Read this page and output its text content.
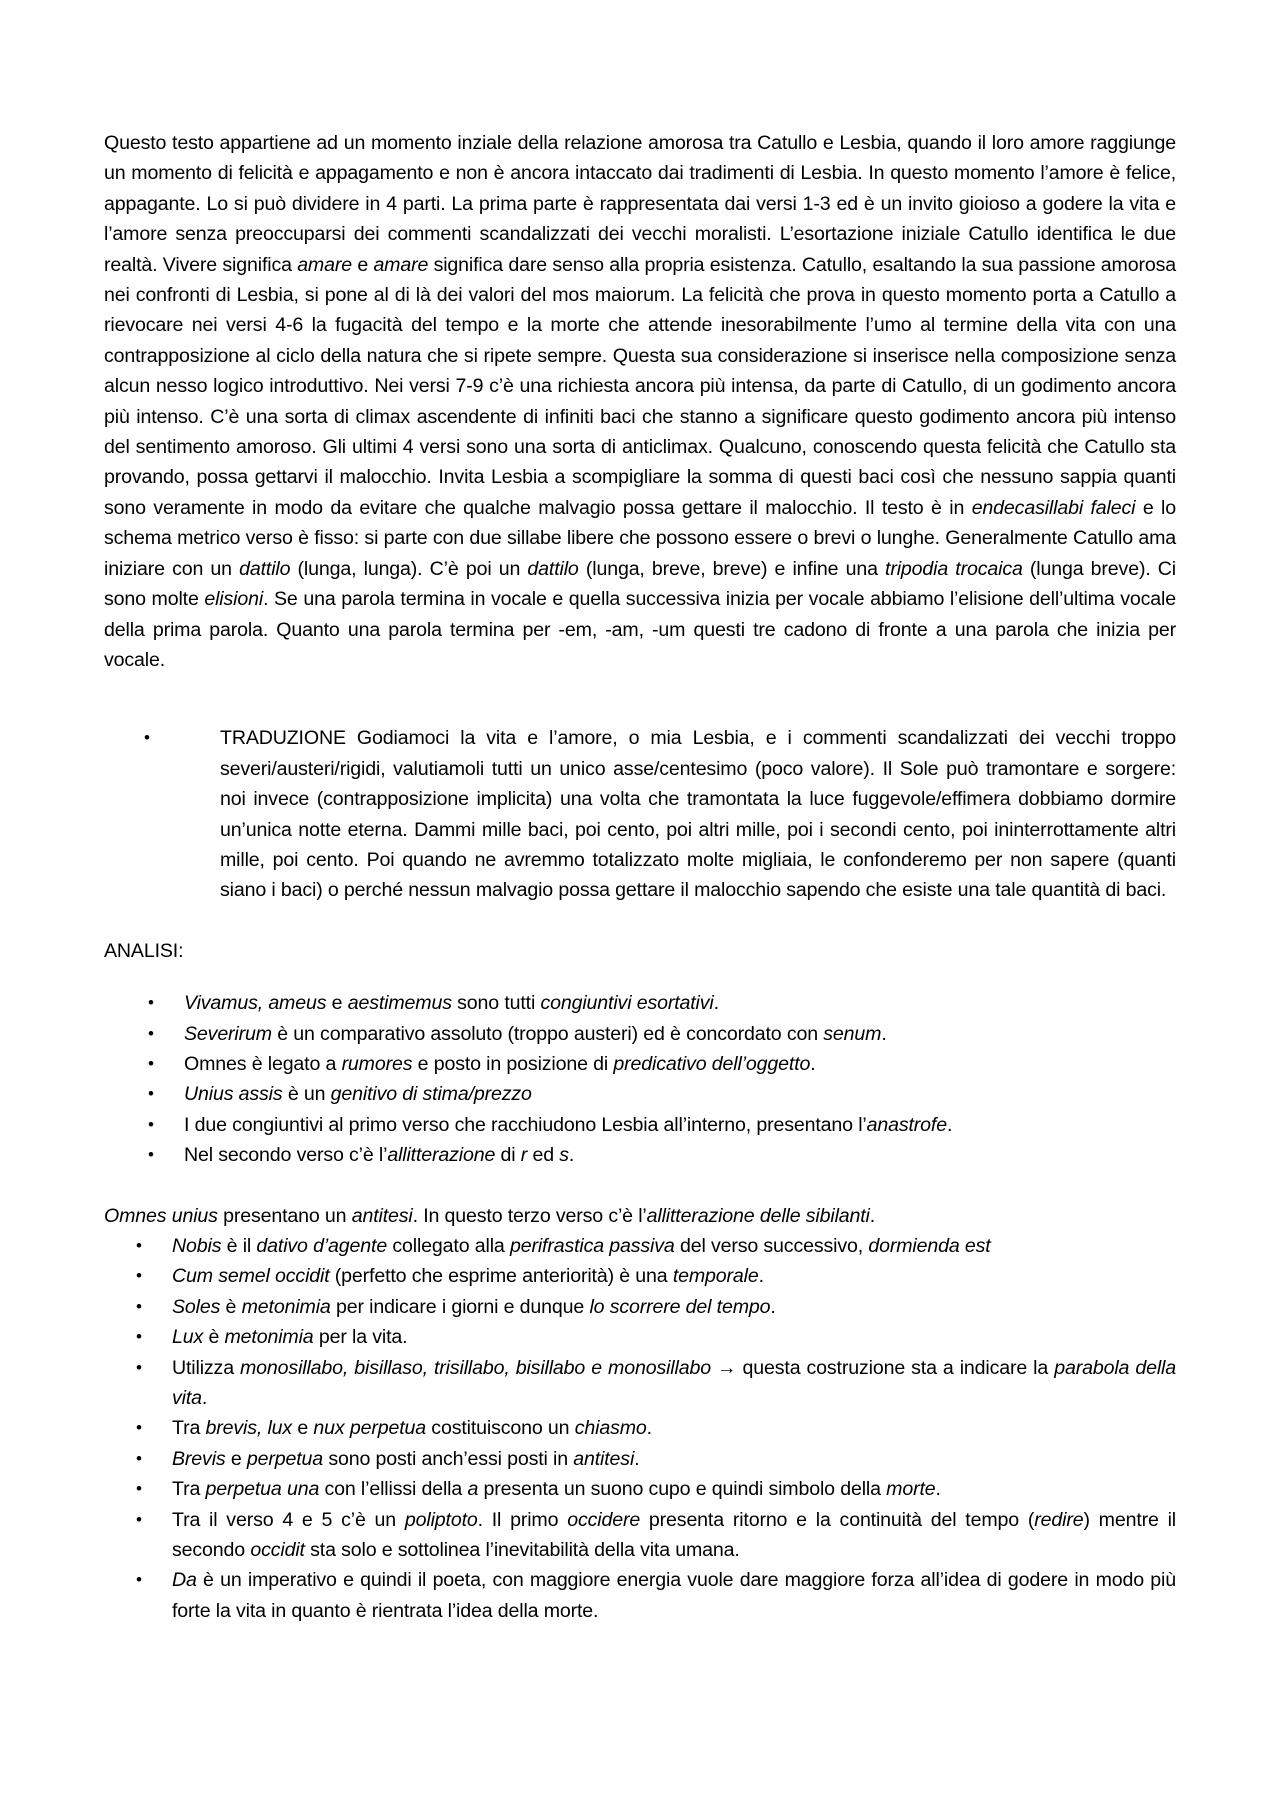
Questo testo appartiene ad un momento inziale della relazione amorosa tra Catullo e Lesbia, quando il loro amore raggiunge un momento di felicità e appagamento e non è ancora intaccato dai tradimenti di Lesbia. In questo momento l’amore è felice, appagante. Lo si può dividere in 4 parti. La prima parte è rappresentata dai versi 1-3 ed è un invito gioioso a godere la vita e l’amore senza preoccuparsi dei commenti scandalizzati dei vecchi moralisti. L’esortazione iniziale Catullo identifica le due realtà. Vivere significa amare e amare significa dare senso alla propria esistenza. Catullo, esaltando la sua passione amorosa nei confronti di Lesbia, si pone al di là dei valori del mos maiorum. La felicità che prova in questo momento porta a Catullo a rievocare nei versi 4-6 la fugacità del tempo e la morte che attende inesorabilmente l’umo al termine della vita con una contrapposizione al ciclo della natura che si ripete sempre. Questa sua considerazione si inserisce nella composizione senza alcun nesso logico introduttivo. Nei versi 7-9 c’è una richiesta ancora più intensa, da parte di Catullo, di un godimento ancora più intenso. C’è una sorta di climax ascendente di infiniti baci che stanno a significare questo godimento ancora più intenso del sentimento amoroso. Gli ultimi 4 versi sono una sorta di anticlimax. Qualcuno, conoscendo questa felicità che Catullo sta provando, possa gettarvi il malocchio. Invita Lesbia a scompigliare la somma di questi baci così che nessuno sappia quanti sono veramente in modo da evitare che qualche malvagio possa gettare il malocchio. Il testo è in endecasillabi faleci e lo schema metrico verso è fisso: si parte con due sillabe libere che possono essere o brevi o lunghe. Generalmente Catullo ama iniziare con un dattilo (lunga, lunga). C’è poi un dattilo (lunga, breve, breve) e infine una tripodia trocaica (lunga breve). Ci sono molte elisioni. Se una parola termina in vocale e quella successiva inizia per vocale abbiamo l’elisione dell’ultima vocale della prima parola. Quanto una parola termina per -em, -am, -um questi tre cadono di fronte a una parola che inizia per vocale.

•	TRADUZIONE Godiamoci la vita e l’amore, o mia Lesbia, e i commenti scandalizzati dei vecchi troppo severi/austeri/rigidi, valutiamoli tutti un unico asse/centesimo (poco valore). Il Sole può tramontare e sorgere: noi invece (contrapposizione implicita) una volta che tramontata la luce fuggevole/effimera dobbiamo dormire un’unica notte eterna. Dammi mille baci, poi cento, poi altri mille, poi i secondi cento, poi ininterrottamente altri mille, poi cento. Poi quando ne avremmo totalizzato molte migliaia, le confonderemo per non sapere (quanti siano i baci) o perché nessun malvagio possa gettare il malocchio sapendo che esiste una tale quantità di baci.

ANALISI:

•	Vivamus, ameus e aestimemus sono tutti congiuntivi esortativi.
•	Severirum è un comparativo assoluto (troppo austeri) ed è concordato con senum.
•	Omnes è legato a rumores e posto in posizione di predicativo dell’oggetto.
•	Unius assis è un genitivo di stima/prezzo
•	I due congiuntivi al primo verso che racchiudono Lesbia all’interno, presentano l’anastrofe.
•	Nel secondo verso c’è l’allitterazione di r ed s.

Omnes unius presentano un antitesi. In questo terzo verso c’è l’allitterazione delle sibilanti.

•	Nobis è il dativo d’agente collegato alla perifrastica passiva del verso successivo, dormienda est
•	Cum semel occidit (perfetto che esprime anteriorità) è una temporale.
•	Soles è metonimia per indicare i giorni e dunque lo scorrere del tempo.
•	Lux è metonimia per la vita.
•	Utilizza monosillabo, bisillaso, trisillabo, bisillabo e monosillabo → questa costruzione sta a indicare la parabola della vita.
•	Tra brevis, lux e nux perpetua costituiscono un chiasmo.
•	Brevis e perpetua sono posti anch’essi posti in antitesi.
•	Tra perpetua una con l’ellissi della a presenta un suono cupo e quindi simbolo della morte.
•	Tra il verso 4 e 5 c’è un poliptoto. Il primo occidere presenta ritorno e la continuità del tempo (redire) mentre il secondo occidit sta solo e sottolinea l’inevitabilità della vita umana.
•	Da è un imperativo e quindi il poeta, con maggiore energia vuole dare maggiore forza all’idea di godere in modo più forte la vita in quanto è rientrata l’idea della morte.
